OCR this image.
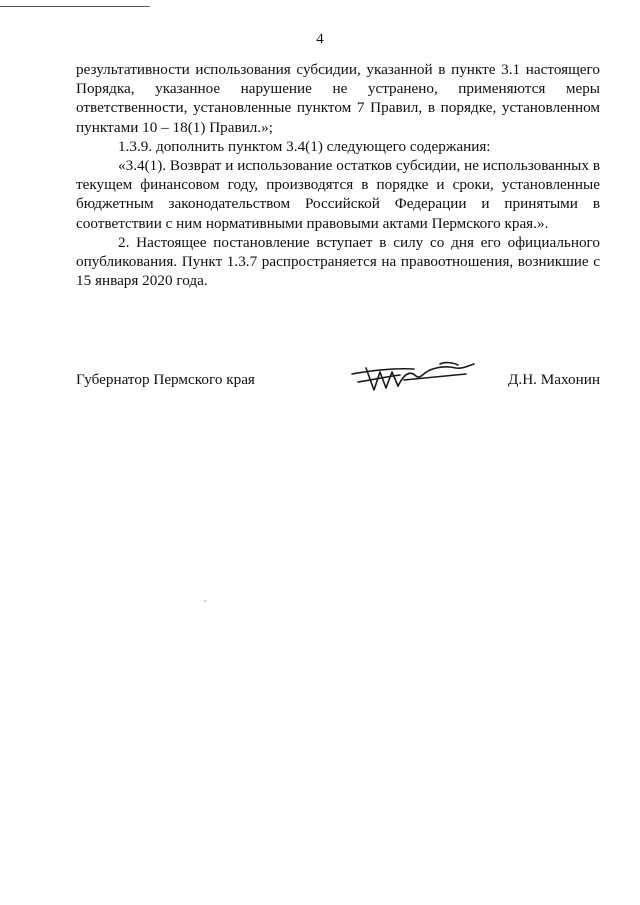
4

результативности использования субсидии, указанной в пункте 3.1 настоящего Порядка, указанное нарушение не устранено, применяются меры ответственности, установленные пунктом 7 Правил, в порядке, установленном пунктами 10 – 18(1) Правил.»;

1.3.9. дополнить пунктом 3.4(1) следующего содержания:

«3.4(1). Возврат и использование остатков субсидии, не использованных в текущем финансовом году, производятся в порядке и сроки, установленные бюджетным законодательством Российской Федерации и принятыми в соответствии с ним нормативными правовыми актами Пермского края.».

2. Настоящее постановление вступает в силу со дня его официального опубликования. Пункт 1.3.7 распространяется на правоотношения, возникшие с 15 января 2020 года.

Губернатор Пермского края	Д.Н. Махонин
